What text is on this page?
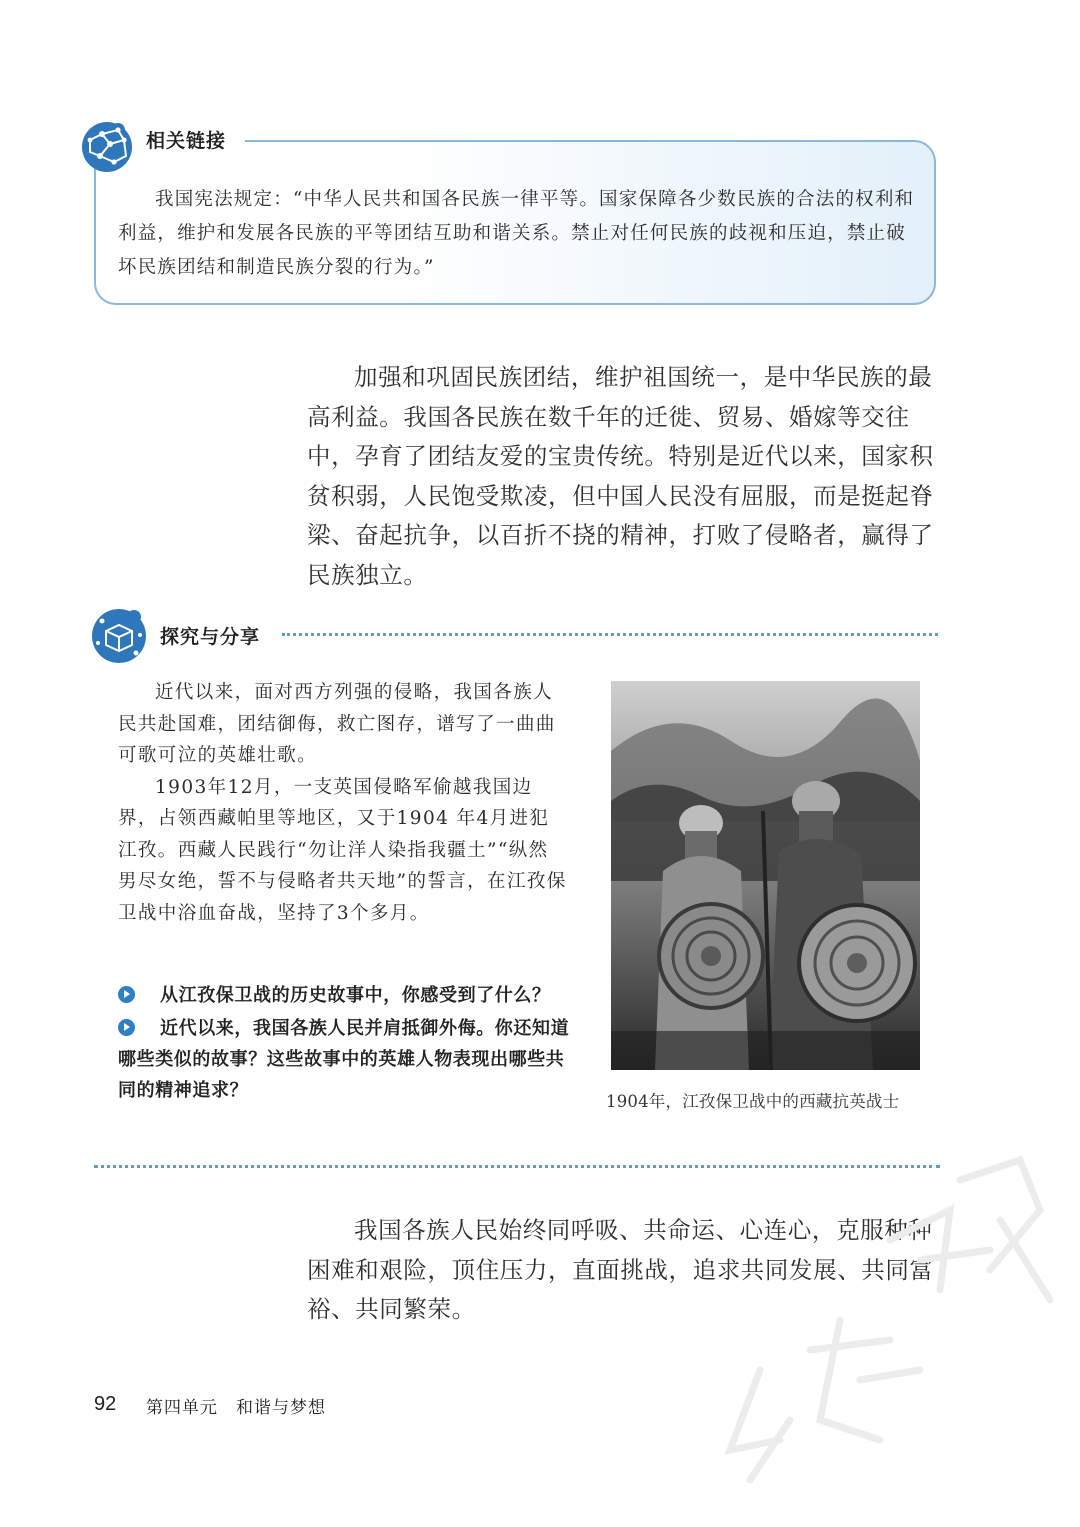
相关链接
我国宪法规定：“中华人民共和国各民族一律平等。国家保障各少数民族的合法的权利和利益，维护和发展各民族的平等团结互助和谐关系。禁止对任何民族的歧视和压迫，禁止破坏民族团结和制造民族分裂的行为。”
加强和巩固民族团结，维护祖国统一，是中华民族的最高利益。我国各民族在数千年的迁徙、贸易、婚嫁等交往中，孕育了团结友爱的宝贵传统。特别是近代以来，国家积贫积弱，人民饱受欺凌，但中国人民没有屈服，而是挺起脊梁、奋起抗争，以百折不挠的精神，打败了侵略者，赢得了民族独立。
探究与分享

近代以来，面对西方列强的侵略，我国各族人民共赴国难，团结御侮，救亡图存，谱写了一曲曲可歌可泣的英雄壮歌。

1903年12月，一支英国侵略军偷越我国边界，占领西藏帕里等地区，又于1904 年4月进犯江孜。西藏人民践行“勿让洋人染指我疆土”“纵然男尽女绝，誓不与侵略者共天地”的誓言，在江孜保卫战中浴血奋战，坚持了3个多月。

从江孜保卫战的历史故事中，你感受到了什么？

近代以来，我国各族人民并肩抵御外侮。你还知道哪些类似的故事？这些故事中的英雄人物表现出哪些共同的精神追求？

1904年，江孜保卫战中的西藏抗英战士
我国各族人民始终同呼吸、共命运、心连心，克服种种困难和艰险，顶住压力，直面挑战，追求共同发展、共同富裕、共同繁荣。
92 第四单元　和谐与梦想
